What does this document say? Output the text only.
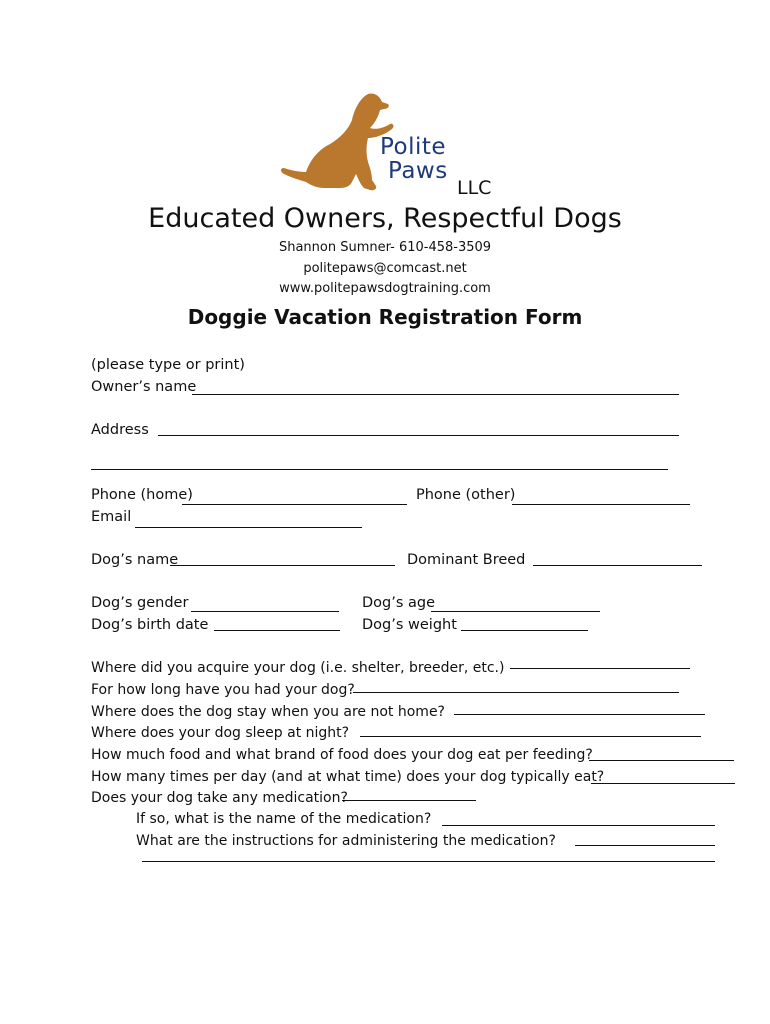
Polite
Paws
LLC
Educated Owners, Respectful Dogs
Shannon Sumner- 610-458-3509
politepaws@comcast.net
www.politepawsdogtraining.com
Doggie Vacation Registration Form
(please type or print)
Owner’s name
Address
Phone (home)	Phone (other)
Email
Dog’s name	Dominant Breed
Dog’s gender	Dog’s age
Dog’s birth date	Dog’s weight
Where did you acquire your dog (i.e. shelter, breeder, etc.)
For how long have you had your dog?
Where does the dog stay when you are not home?
Where does your dog sleep at night?
How much food and what brand of food does your dog eat per feeding?
How many times per day (and at what time) does your dog typically eat?
Does your dog take any medication?
If so, what is the name of the medication?
What are the instructions for administering the medication?
